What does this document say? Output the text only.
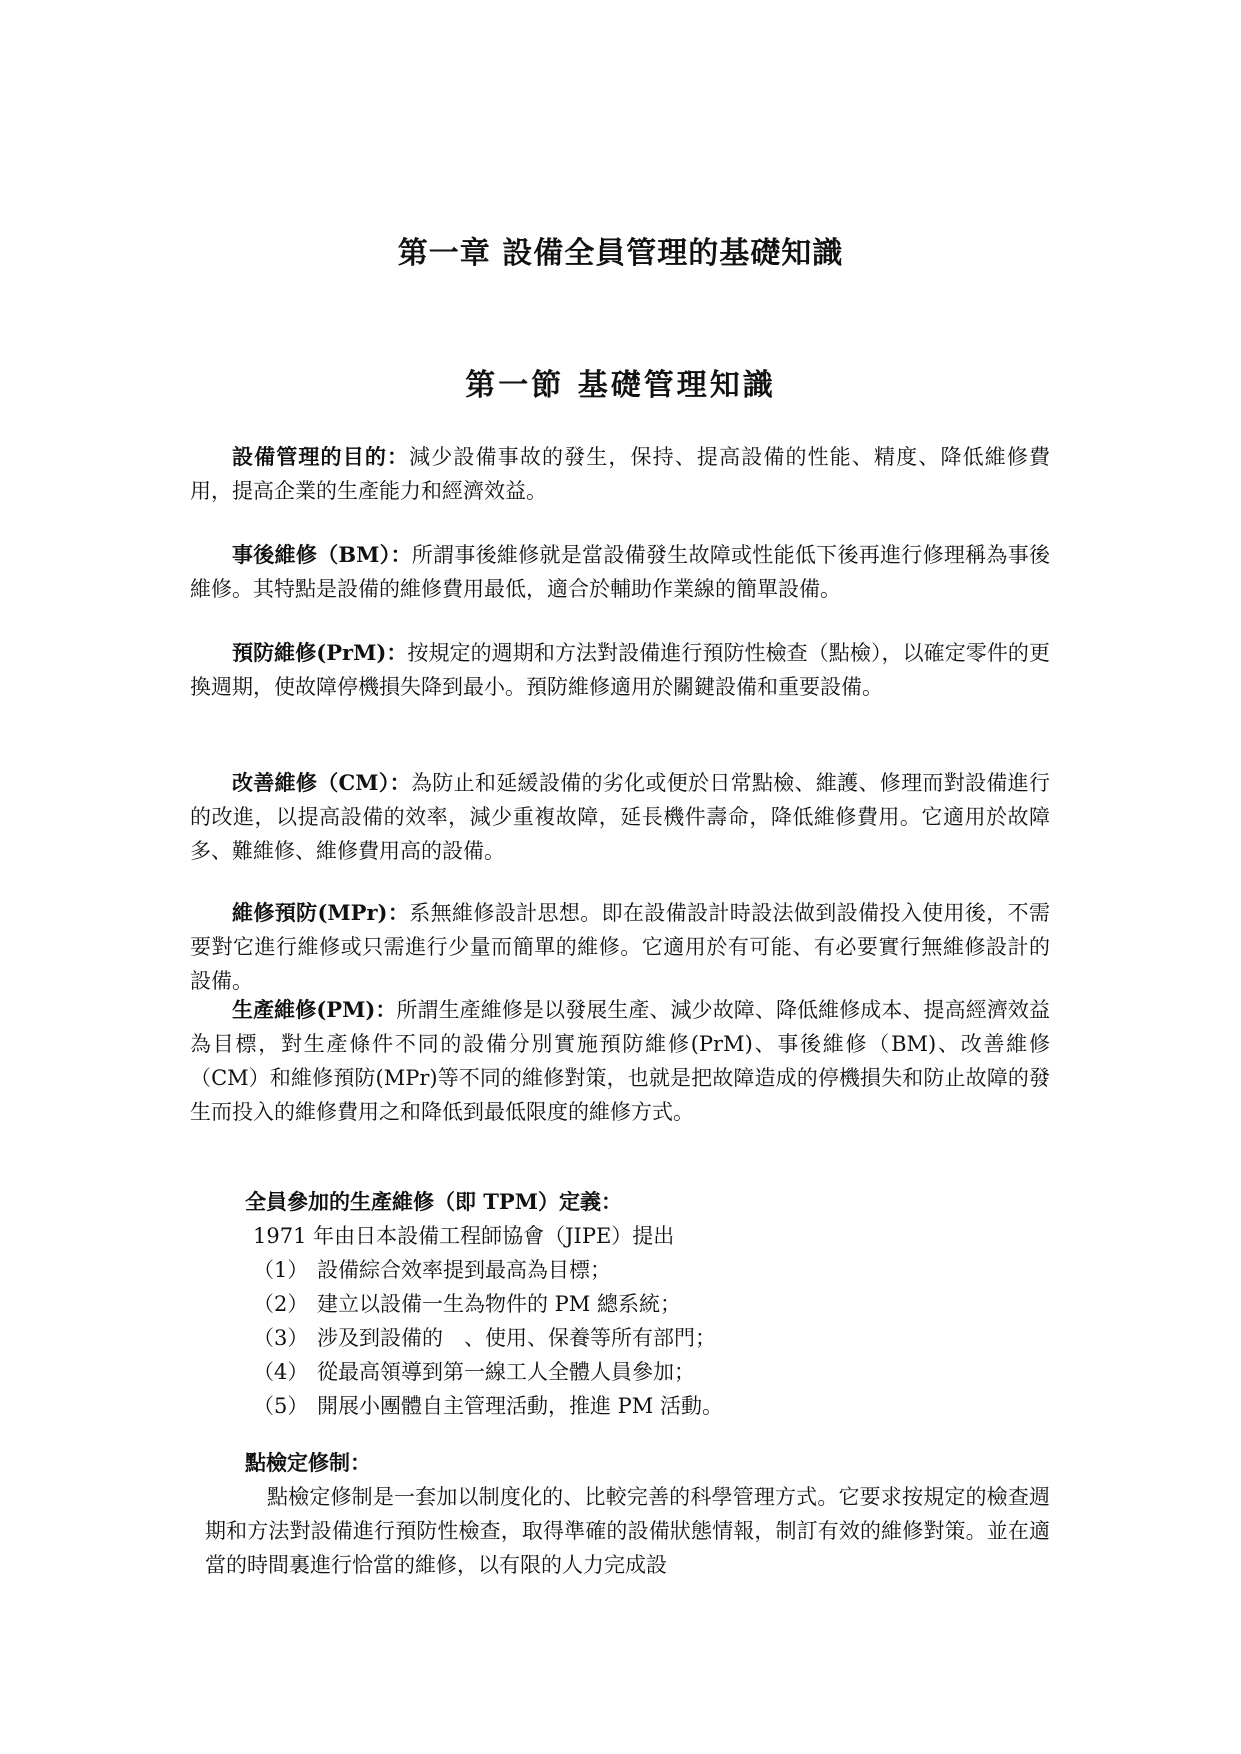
第一章 設備全員管理的基礎知識
第一節 基礎管理知識

設備管理的目的：減少設備事故的發生，保持、提高設備的性能、精度、降低維修費用，提高企業的生產能力和經濟效益。

事後維修（BM）：所謂事後維修就是當設備發生故障或性能低下後再進行修理稱為事後維修。其特點是設備的維修費用最低，適合於輔助作業線的簡單設備。

預防維修(PrM)：按規定的週期和方法對設備進行預防性檢查（點檢），以確定零件的更換週期，使故障停機損失降到最小。預防維修適用於關鍵設備和重要設備。

改善維修（CM）：為防止和延緩設備的劣化或便於日常點檢、維護、修理而對設備進行的改進，以提高設備的效率，減少重複故障，延長機件壽命，降低維修費用。它適用於故障多、難維修、維修費用高的設備。

維修預防(MPr)：系無維修設計思想。即在設備設計時設法做到設備投入使用後，不需要對它進行維修或只需進行少量而簡單的維修。它適用於有可能、有必要實行無維修設計的設備。

生產維修(PM)：所謂生產維修是以發展生產、減少故障、降低維修成本、提高經濟效益為目標，對生產條件不同的設備分別實施預防維修(PrM)、事後維修（BM)、改善維修（CM）和維修預防(MPr)等不同的維修對策，也就是把故障造成的停機損失和防止故障的發生而投入的維修費用之和降低到最低限度的維修方式。

全員參加的生產維修（即 TPM）定義：

1971 年由日本設備工程師協會（JIPE）提出

（1） 設備綜合效率提到最高為目標；
（2） 建立以設備一生為物件的 PM 總系統；
（3） 涉及到設備的　、使用、保養等所有部門；
（4） 從最高領導到第一線工人全體人員參加；
（5） 開展小團體自主管理活動，推進 PM 活動。

點檢定修制：

點檢定修制是一套加以制度化的、比較完善的科學管理方式。它要求按規定的檢查週期和方法對設備進行預防性檢查，取得準確的設備狀態情報，制訂有效的維修對策。並在適當的時間裏進行恰當的維修，以有限的人力完成設
